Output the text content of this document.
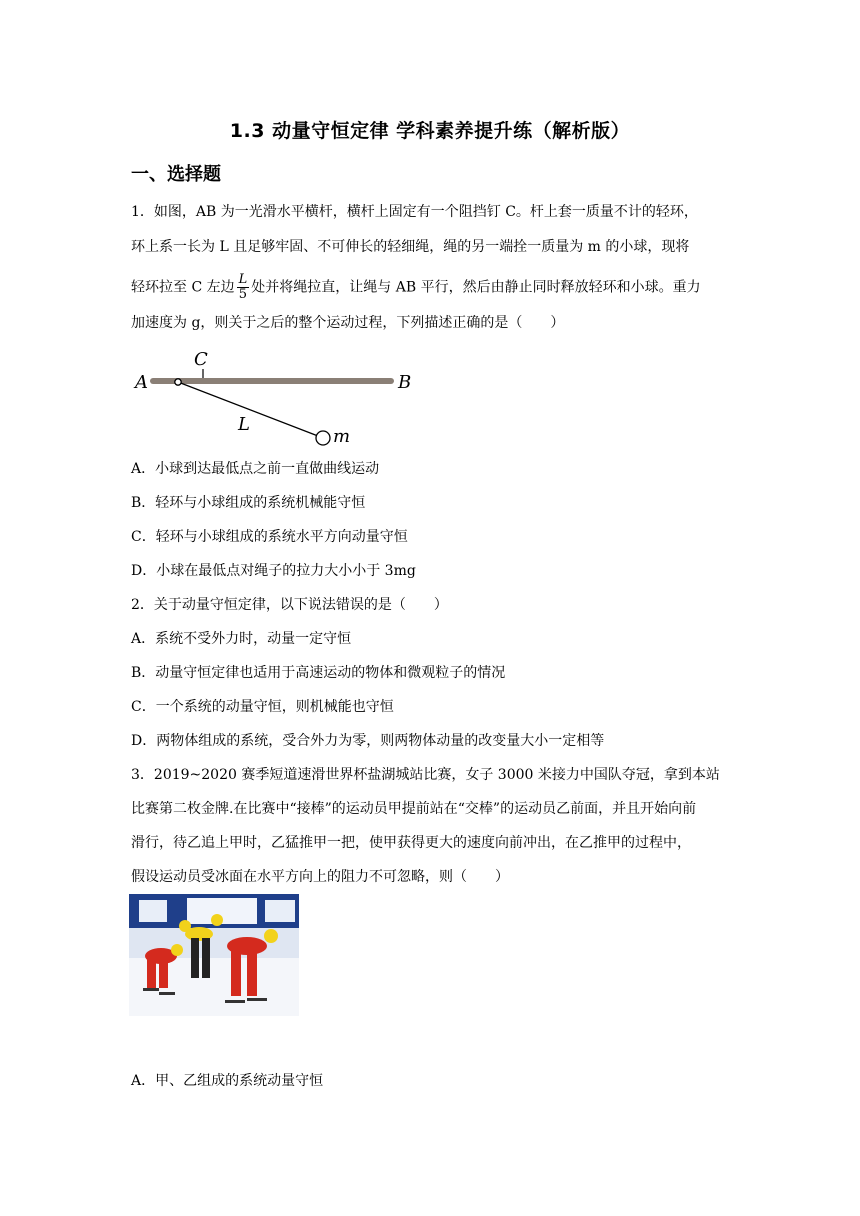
1.3 动量守恒定律 学科素养提升练（解析版）
一、选择题
1．如图，AB 为一光滑水平横杆，横杆上固定有一个阻挡钉 C。杆上套一质量不计的轻环，
环上系一长为 L 且足够牢固、不可伸长的轻细绳，绳的另一端拴一质量为 m 的小球，现将
轻环拉至 C 左边 $\frac{L}{5}$ 处并将绳拉直，让绳与 AB 平行，然后由静止同时释放轻环和小球。重力
加速度为 g，则关于之后的整个运动过程，下列描述正确的是（　　）
A	B
C
L
m
A．小球到达最低点之前一直做曲线运动
B．轻环与小球组成的系统机械能守恒
C．轻环与小球组成的系统水平方向动量守恒
D．小球在最低点对绳子的拉力大小小于 3mg
2．关于动量守恒定律，以下说法错误的是（　　）
A．系统不受外力时，动量一定守恒
B．动量守恒定律也适用于高速运动的物体和微观粒子的情况
C．一个系统的动量守恒，则机械能也守恒
D．两物体组成的系统，受合外力为零，则两物体动量的改变量大小一定相等
3．2019~2020 赛季短道速滑世界杯盐湖城站比赛，女子 3000 米接力中国队夺冠，拿到本站
比赛第二枚金牌.在比赛中“接棒”的运动员甲提前站在“交棒”的运动员乙前面，并且开始向前
滑行，待乙追上甲时，乙猛推甲一把，使甲获得更大的速度向前冲出，在乙推甲的过程中，
假设运动员受冰面在水平方向上的阻力不可忽略，则（　　）
A．甲、乙组成的系统动量守恒
